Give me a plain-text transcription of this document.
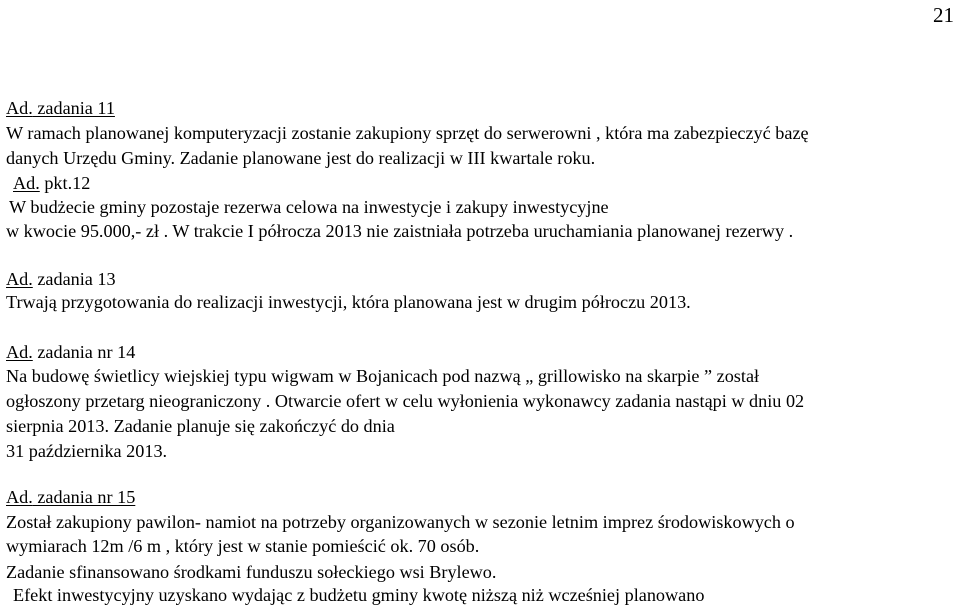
21
Ad. zadania 11
W ramach planowanej komputeryzacji zostanie zakupiony sprzęt do serwerowni , która ma zabezpieczyć bazę
danych Urzędu Gminy. Zadanie planowane jest do realizacji w III kwartale roku.
Ad. pkt.12
W budżecie gminy pozostaje rezerwa celowa na inwestycje i zakupy inwestycyjne
w kwocie 95.000,- zł . W trakcie I półrocza 2013 nie zaistniała potrzeba uruchamiania planowanej rezerwy .
Ad. zadania 13
Trwają przygotowania do realizacji inwestycji, która planowana jest w drugim półroczu 2013.
Ad. zadania nr 14
Na budowę świetlicy wiejskiej typu wigwam w Bojanicach pod nazwą „ grillowisko na skarpie ” został
ogłoszony przetarg nieograniczony . Otwarcie ofert w celu wyłonienia wykonawcy zadania nastąpi w dniu 02
sierpnia 2013. Zadanie planuje się zakończyć do dnia
31 października 2013.
Ad. zadania nr 15
Został zakupiony pawilon- namiot na potrzeby organizowanych w sezonie letnim imprez środowiskowych o
wymiarach 12m /6 m , który jest w stanie pomieścić ok. 70 osób.
Zadanie sfinansowano środkami funduszu sołeckiego wsi Brylewo.
Efekt inwestycyjny uzyskano wydając z budżetu gminy kwotę niższą niż wcześniej planowano
